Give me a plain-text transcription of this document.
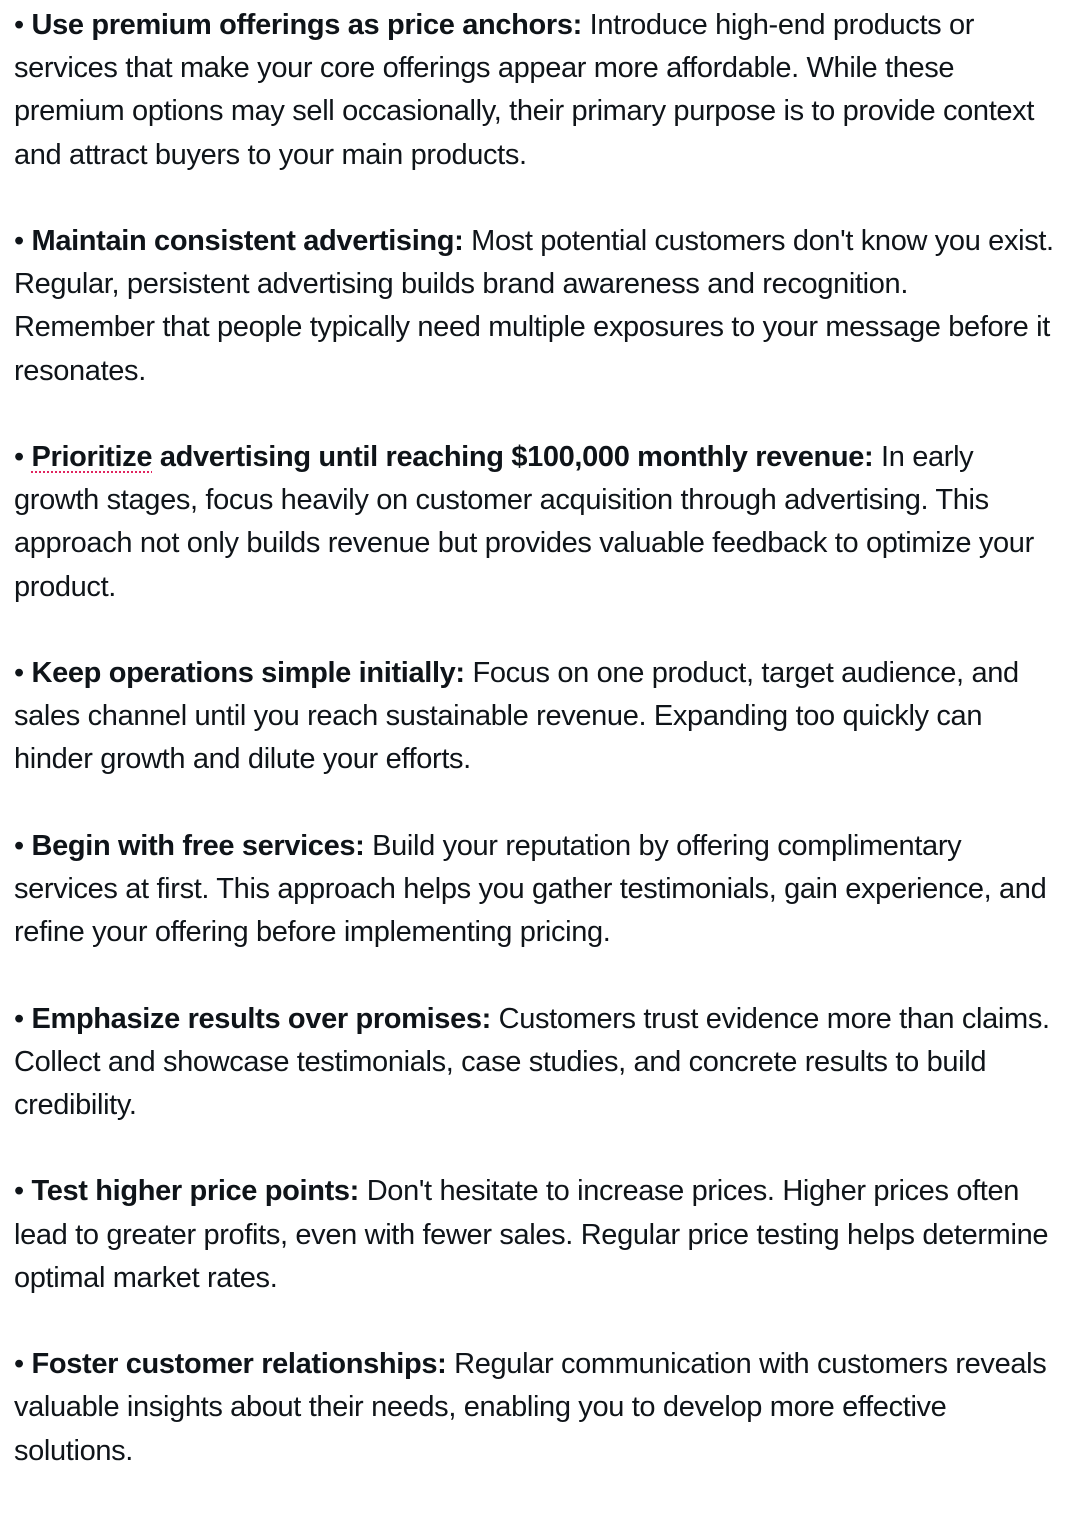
• Use premium offerings as price anchors: Introduce high-end products or services that make your core offerings appear more affordable. While these premium options may sell occasionally, their primary purpose is to provide context and attract buyers to your main products.

• Maintain consistent advertising: Most potential customers don't know you exist. Regular, persistent advertising builds brand awareness and recognition. Remember that people typically need multiple exposures to your message before it resonates.

• Prioritize advertising until reaching $100,000 monthly revenue: In early growth stages, focus heavily on customer acquisition through advertising. This approach not only builds revenue but provides valuable feedback to optimize your product.

• Keep operations simple initially: Focus on one product, target audience, and sales channel until you reach sustainable revenue. Expanding too quickly can hinder growth and dilute your efforts.

• Begin with free services: Build your reputation by offering complimentary services at first. This approach helps you gather testimonials, gain experience, and refine your offering before implementing pricing.

• Emphasize results over promises: Customers trust evidence more than claims. Collect and showcase testimonials, case studies, and concrete results to build credibility.

• Test higher price points: Don't hesitate to increase prices. Higher prices often lead to greater profits, even with fewer sales. Regular price testing helps determine optimal market rates.

• Foster customer relationships: Regular communication with customers reveals valuable insights about their needs, enabling you to develop more effective solutions.
